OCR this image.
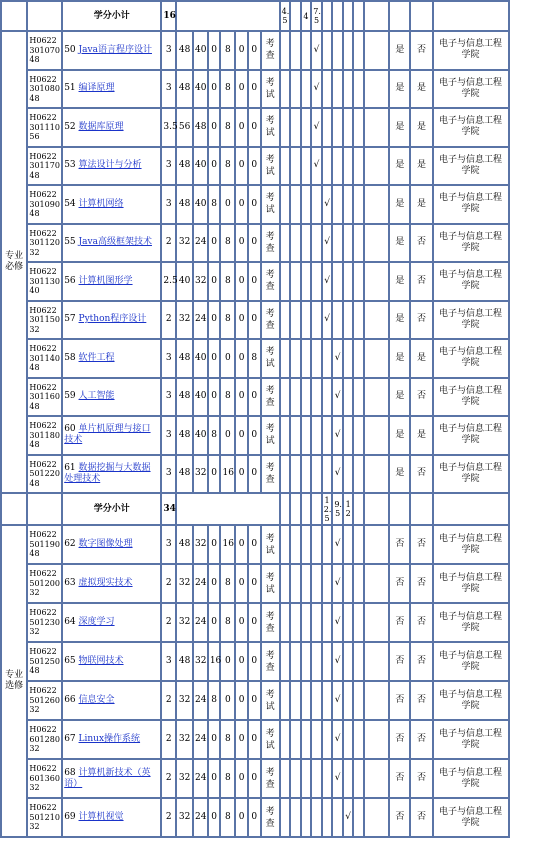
		学分小计	16								4.5		4	7.5								
专业必修	H062230107048	50 Java语言程序设计	3	48	40	0	8	0	0	考查				√						是	否	电子与信息工程学院
	H062230108048	51 编译原理	3	48	40	0	8	0	0	考试				√						是	是	电子与信息工程学院
	H062230111056	52 数据库原理	3.5	56	48	0	8	0	0	考试				√						是	是	电子与信息工程学院
	H062230117048	53 算法设计与分析	3	48	40	0	8	0	0	考试				√						是	是	电子与信息工程学院
	H062230109048	54 计算机网络	3	48	40	8	0	0	0	考试					√					是	是	电子与信息工程学院
	H062230112032	55 Java高级框架技术	2	32	24	0	8	0	0	考查					√					是	否	电子与信息工程学院
	H062230113040	56 计算机图形学	2.5	40	32	0	8	0	0	考查					√					是	否	电子与信息工程学院
	H062230115032	57 Python程序设计	2	32	24	0	8	0	0	考查					√					是	否	电子与信息工程学院
	H062230114048	58 软件工程	3	48	40	0	0	0	8	考试						√				是	是	电子与信息工程学院
	H062230116048	59 人工智能	3	48	40	0	8	0	0	考查						√				是	否	电子与信息工程学院
	H062230118048	60 单片机原理与接口技术	3	48	40	8	0	0	0	考试						√				是	是	电子与信息工程学院
	H062250122048	61 数据挖掘与大数据处理技术	3	48	32	0	16	0	0	考查						√				是	否	电子与信息工程学院
		学分小计	34												12.5	9.5	12					
专业选修	H062250119048	62 数字图像处理	3	48	32	0	16	0	0	考试						√				否	否	电子与信息工程学院
	H062250120032	63 虚拟现实技术	2	32	24	0	8	0	0	考试						√				否	否	电子与信息工程学院
	H062250123032	64 深度学习	2	32	24	0	8	0	0	考查						√				否	否	电子与信息工程学院
	H062250125048	65 物联网技术	3	48	32	16	0	0	0	考查						√				否	否	电子与信息工程学院
	H062250126032	66 信息安全	2	32	24	8	0	0	0	考试						√				否	否	电子与信息工程学院
	H062260128032	67 Linux操作系统	2	32	24	0	8	0	0	考试						√				否	否	电子与信息工程学院
	H062260136032	68 计算机新技术（英语）	2	32	24	0	8	0	0	考查						√				否	否	电子与信息工程学院
	H062250121032	69 计算机视觉	2	32	24	0	8	0	0	考查							√			否	否	电子与信息工程学院
